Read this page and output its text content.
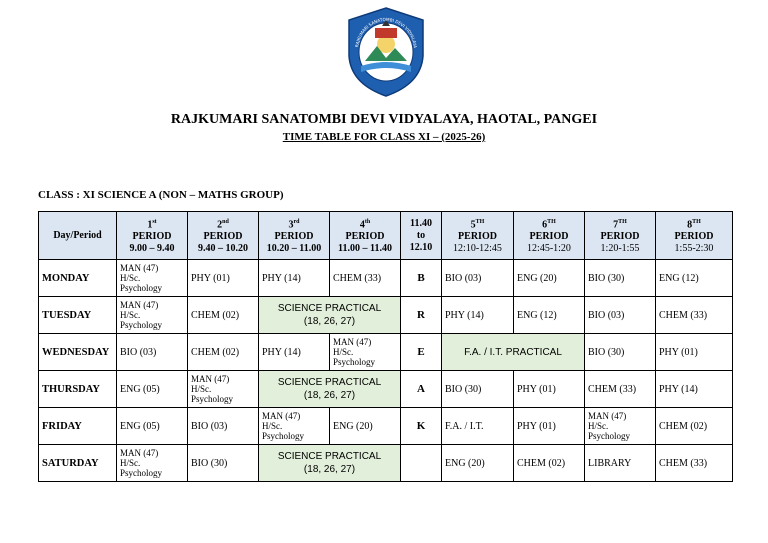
RAJKUMARI SANATOMBI DEVI VIDYALAYA
RAJKUMARI SANATOMBI DEVI VIDYALAYA, HAOTAL, PANGEI
TIME TABLE FOR CLASS XI – (2025-26)
CLASS : XI SCIENCE A (NON – MATHS GROUP)
Day/Period	1st
PERIOD
9.00 – 9.40	2nd
PERIOD
9.40 – 10.20	3rd
PERIOD
10.20 – 11.00	4th
PERIOD
11.00 – 11.40	11.40
to
12.10	5TH
PERIOD
12:10-12:45	6TH
PERIOD
12:45-1:20	7TH
PERIOD
1:20-1:55	8TH
PERIOD
1:55-2:30
MONDAY	MAN (47)
H/Sc.
Psychology	PHY (01)	PHY (14)	CHEM (33)	B	BIO (03)	ENG (20)	BIO (30)	ENG (12)
TUESDAY	MAN (47)
H/Sc.
Psychology	CHEM (02)	SCIENCE PRACTICAL
(18, 26, 27)		R	PHY (14)	ENG (12)	BIO (03)	CHEM (33)
WEDNESDAY	BIO (03)	CHEM (02)	PHY (14)	MAN (47)
H/Sc.
Psychology	E	F.A. / I.T. PRACTICAL		BIO (30)	PHY (01)
THURSDAY	ENG (05)	MAN (47)
H/Sc.
Psychology	SCIENCE PRACTICAL
(18, 26, 27)		A	BIO (30)	PHY (01)	CHEM (33)	PHY (14)
FRIDAY	ENG (05)	BIO (03)	MAN (47)
H/Sc.
Psychology	ENG (20)	K	F.A. / I.T.	PHY (01)	MAN (47)
H/Sc.
Psychology	CHEM (02)
SATURDAY	MAN (47)
H/Sc.
Psychology	BIO (30)	SCIENCE PRACTICAL
(18, 26, 27)			ENG (20)	CHEM (02)	LIBRARY	CHEM (33)
